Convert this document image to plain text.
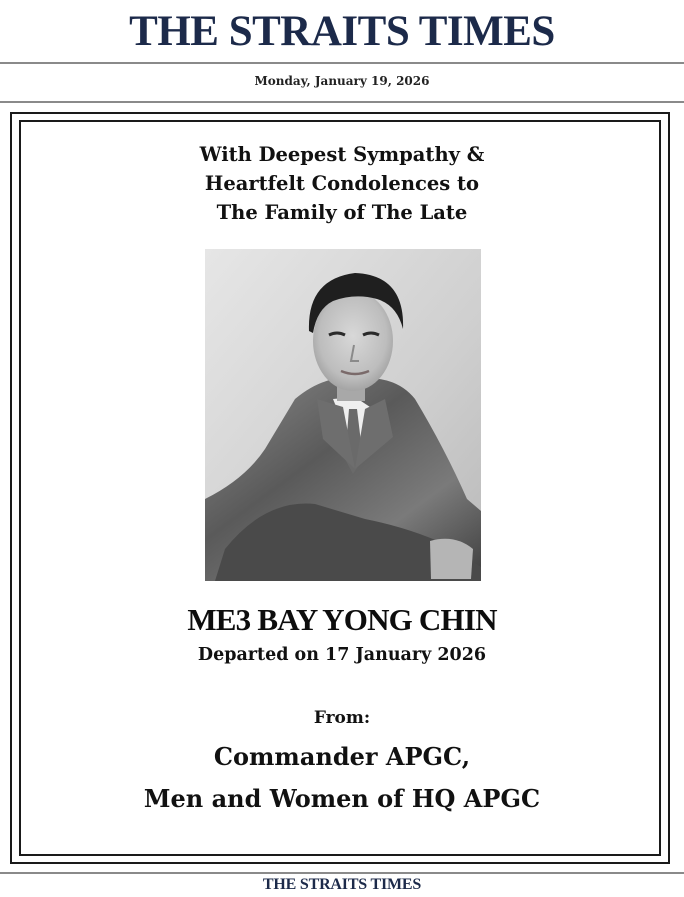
THE STRAITS TIMES
Monday, January 19, 2026
With Deepest Sympathy &
Heartfelt Condolences to
The Family of The Late
ME3 BAY YONG CHIN
Departed on 17 January 2026
From:
Commander APGC,
Men and Women of HQ APGC
THE STRAITS TIMES
